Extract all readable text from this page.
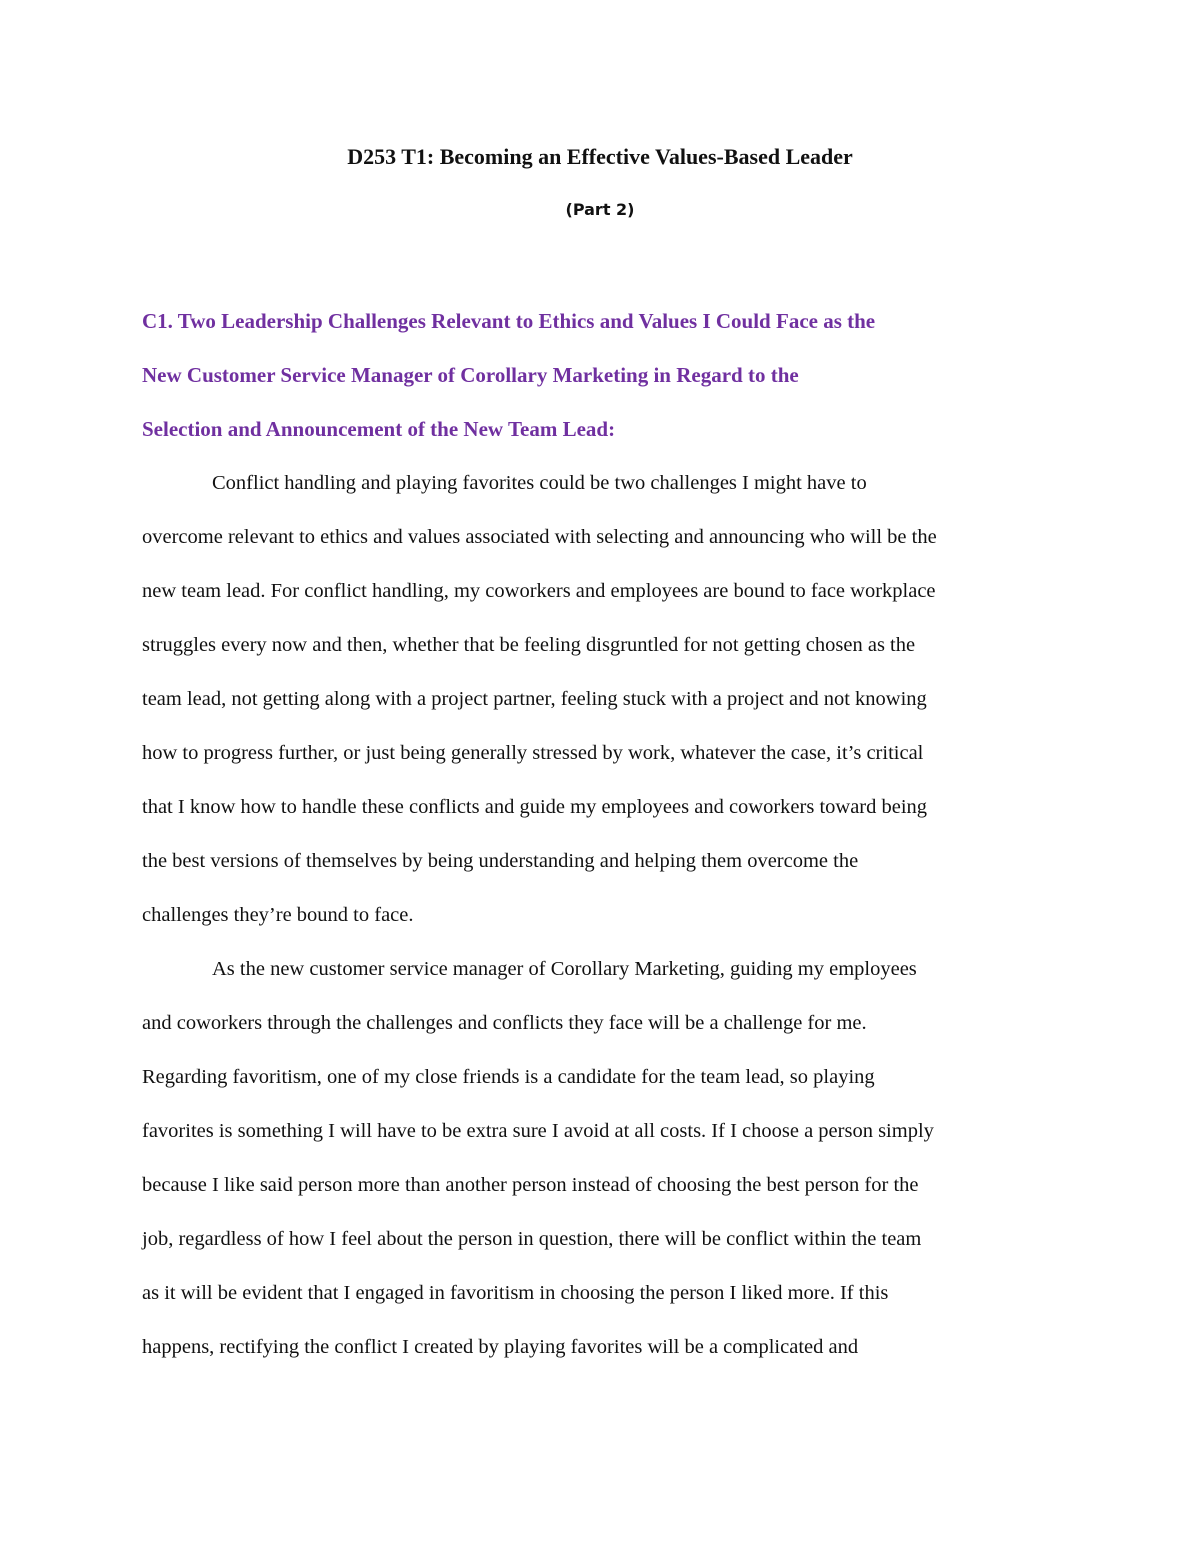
D253 T1: Becoming an Effective Values-Based Leader
(Part 2)
C1. Two Leadership Challenges Relevant to Ethics and Values I Could Face as the
New Customer Service Manager of Corollary Marketing in Regard to the
Selection and Announcement of the New Team Lead:
Conflict handling and playing favorites could be two challenges I might have to
overcome relevant to ethics and values associated with selecting and announcing who will be the
new team lead. For conflict handling, my coworkers and employees are bound to face workplace
struggles every now and then, whether that be feeling disgruntled for not getting chosen as the
team lead, not getting along with a project partner, feeling stuck with a project and not knowing
how to progress further, or just being generally stressed by work, whatever the case, it’s critical
that I know how to handle these conflicts and guide my employees and coworkers toward being
the best versions of themselves by being understanding and helping them overcome the
challenges they’re bound to face.
As the new customer service manager of Corollary Marketing, guiding my employees
and coworkers through the challenges and conflicts they face will be a challenge for me.
Regarding favoritism, one of my close friends is a candidate for the team lead, so playing
favorites is something I will have to be extra sure I avoid at all costs. If I choose a person simply
because I like said person more than another person instead of choosing the best person for the
job, regardless of how I feel about the person in question, there will be conflict within the team
as it will be evident that I engaged in favoritism in choosing the person I liked more. If this
happens, rectifying the conflict I created by playing favorites will be a complicated and
